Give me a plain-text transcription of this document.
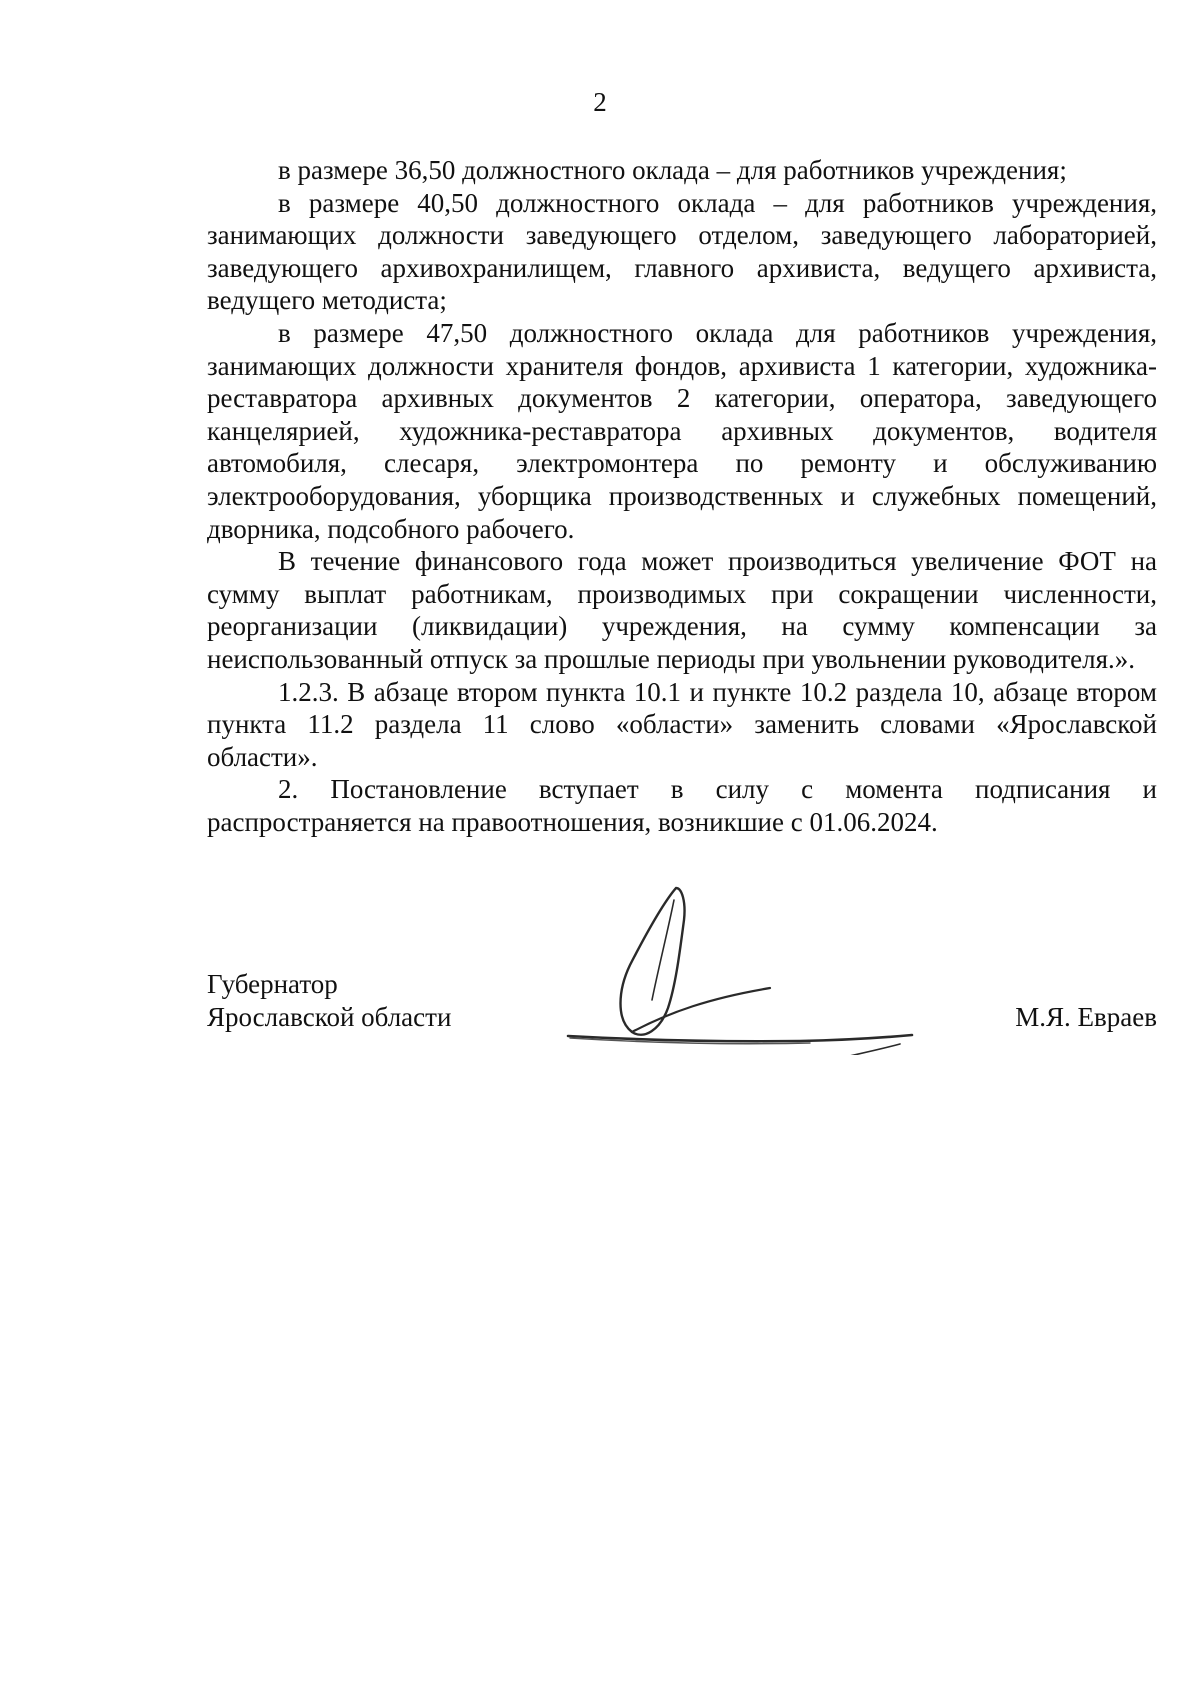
2

в размере 36,50 должностного оклада – для работников учреждения;

в размере 40,50 должностного оклада – для работников учреждения, занимающих должности заведующего отделом, заведующего лабораторией, заведующего архивохранилищем, главного архивиста, ведущего архивиста, ведущего методиста;

в размере 47,50 должностного оклада для работников учреждения, занимающих должности хранителя фондов, архивиста 1 категории, художника-реставратора архивных документов 2 категории, оператора, заведующего канцелярией, художника-реставратора архивных документов, водителя автомобиля, слесаря, электромонтера по ремонту и обслуживанию электрооборудования, уборщика производственных и служебных помещений, дворника, подсобного рабочего.

В течение финансового года может производиться увеличение ФОТ на сумму выплат работникам, производимых при сокращении численности, реорганизации (ликвидации) учреждения, на сумму компенсации за неиспользованный отпуск за прошлые периоды при увольнении руководителя.».

1.2.3. В абзаце втором пункта 10.1 и пункте 10.2 раздела 10, абзаце втором пункта 11.2 раздела 11 слово «области» заменить словами «Ярославской области».

2. Постановление вступает в силу с момента подписания и распространяется на правоотношения, возникшие с 01.06.2024.

Губернатор
Ярославской области	М.Я. Евраев
